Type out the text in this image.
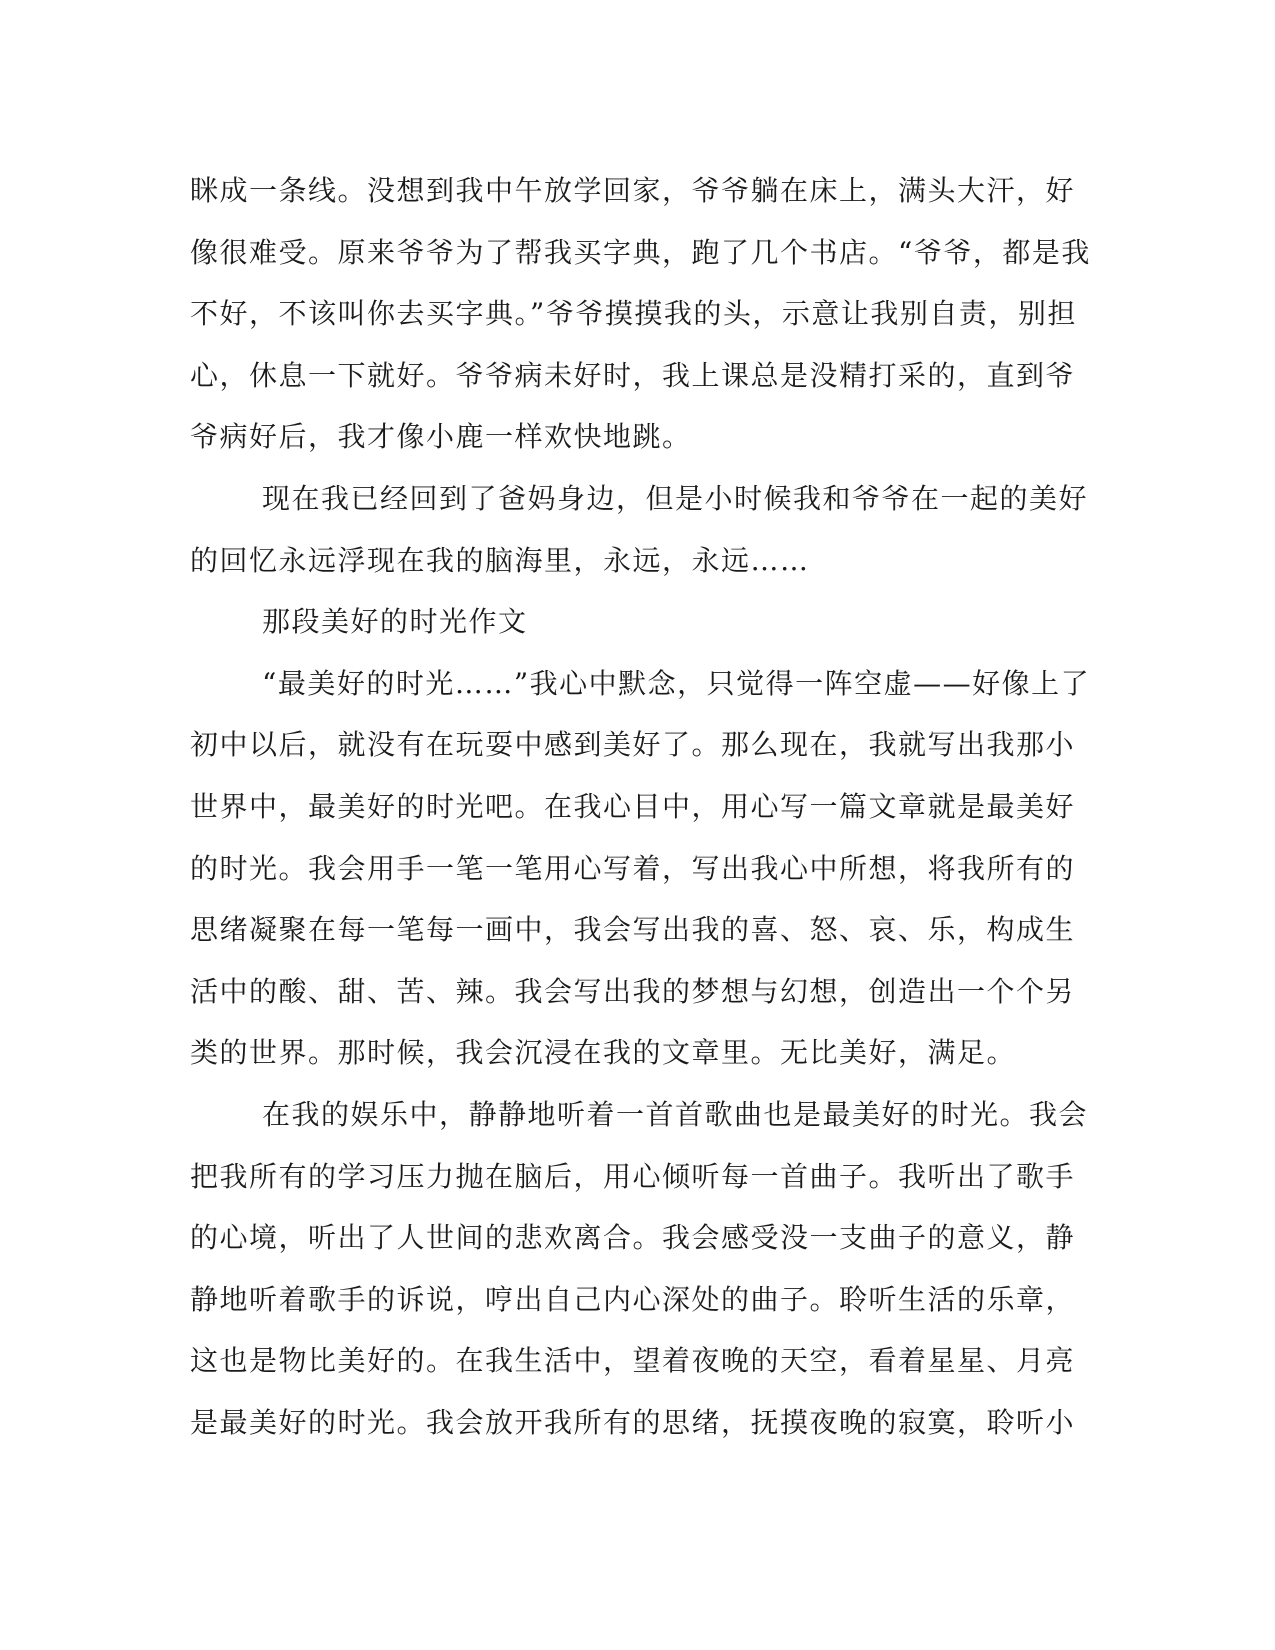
眯成一条线。没想到我中午放学回家，爷爷躺在床上，满头大汗，好
像很难受。原来爷爷为了帮我买字典，跑了几个书店。“爷爷，都是我
不好，不该叫你去买字典。”爷爷摸摸我的头，示意让我别自责，别担
心，休息一下就好。爷爷病未好时，我上课总是没精打采的，直到爷
爷病好后，我才像小鹿一样欢快地跳。
现在我已经回到了爸妈身边，但是小时候我和爷爷在一起的美好
的回忆永远浮现在我的脑海里，永远，永远……
那段美好的时光作文
“最美好的时光……”我心中默念，只觉得一阵空虚——好像上了
初中以后，就没有在玩耍中感到美好了。那么现在，我就写出我那小
世界中，最美好的时光吧。在我心目中，用心写一篇文章就是最美好
的时光。我会用手一笔一笔用心写着，写出我心中所想，将我所有的
思绪凝聚在每一笔每一画中，我会写出我的喜、怒、哀、乐，构成生
活中的酸、甜、苦、辣。我会写出我的梦想与幻想，创造出一个个另
类的世界。那时候，我会沉浸在我的文章里。无比美好，满足。
在我的娱乐中，静静地听着一首首歌曲也是最美好的时光。我会
把我所有的学习压力抛在脑后，用心倾听每一首曲子。我听出了歌手
的心境，听出了人世间的悲欢离合。我会感受没一支曲子的意义，静
静地听着歌手的诉说，哼出自己内心深处的曲子。聆听生活的乐章，
这也是物比美好的。在我生活中，望着夜晚的天空，看着星星、月亮
是最美好的时光。我会放开我所有的思绪，抚摸夜晚的寂寞，聆听小
